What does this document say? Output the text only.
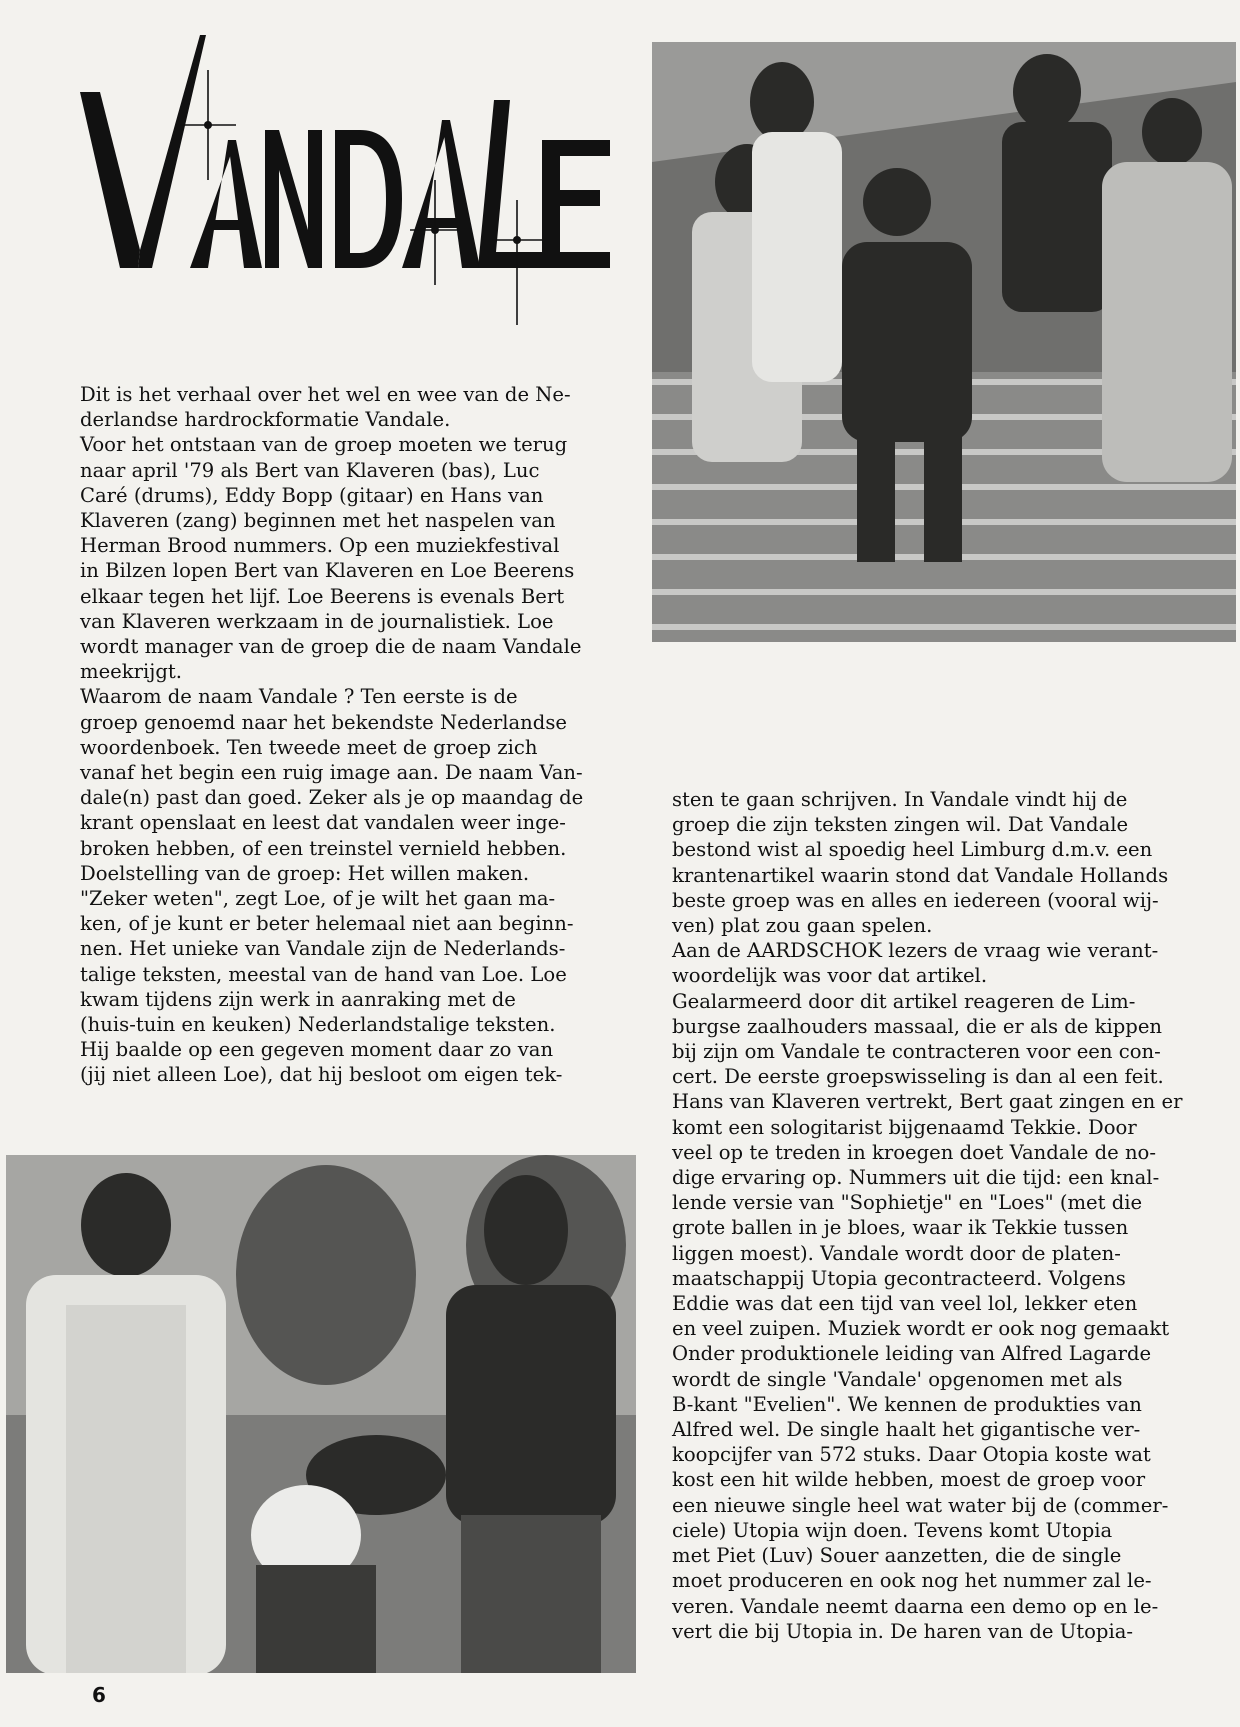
Dit is het verhaal over het wel en wee van de Ne-

derlandse hardrockformatie Vandale.

Voor het ontstaan van de groep moeten we terug

naar april '79 als Bert van Klaveren (bas), Luc

Caré (drums), Eddy Bopp (gitaar) en Hans van

Klaveren (zang) beginnen met het naspelen van

Herman Brood nummers. Op een muziekfestival

in Bilzen lopen Bert van Klaveren en Loe Beerens

elkaar tegen het lijf. Loe Beerens is evenals Bert

van Klaveren werkzaam in de journalistiek. Loe

wordt manager van de groep die de naam Vandale

meekrijgt.

Waarom de naam Vandale ? Ten eerste is de

groep genoemd naar het bekendste Nederlandse

woordenboek. Ten tweede meet de groep zich

vanaf het begin een ruig image aan. De naam Van-

dale(n) past dan goed. Zeker als je op maandag de

krant openslaat en leest dat vandalen weer inge-

broken hebben, of een treinstel vernield hebben.

Doelstelling van de groep: Het willen maken.

"Zeker weten", zegt Loe, of je wilt het gaan ma-

ken, of je kunt er beter helemaal niet aan beginn-

nen. Het unieke van Vandale zijn de Nederlands-

talige teksten, meestal van de hand van Loe. Loe

kwam tijdens zijn werk in aanraking met de

(huis-tuin en keuken) Nederlandstalige teksten.

Hij baalde op een gegeven moment daar zo van

(jij niet alleen Loe), dat hij besloot om eigen tek-

sten te gaan schrijven. In Vandale vindt hij de

groep die zijn teksten zingen wil. Dat Vandale

bestond wist al spoedig heel Limburg d.m.v. een

krantenartikel waarin stond dat Vandale Hollands

beste groep was en alles en iedereen (vooral wij-

ven) plat zou gaan spelen.

Aan de AARDSCHOK lezers de vraag wie verant-

woordelijk was voor dat artikel.

Gealarmeerd door dit artikel reageren de Lim-

burgse zaalhouders massaal, die er als de kippen

bij zijn om Vandale te contracteren voor een con-

cert. De eerste groepswisseling is dan al een feit.

Hans van Klaveren vertrekt, Bert gaat zingen en er

komt een sologitarist bijgenaamd Tekkie. Door

veel op te treden in kroegen doet Vandale de no-

dige ervaring op. Nummers uit die tijd: een knal-

lende versie van "Sophietje" en "Loes" (met die

grote ballen in je bloes, waar ik Tekkie tussen

liggen moest). Vandale wordt door de platen-

maatschappij Utopia gecontracteerd. Volgens

Eddie was dat een tijd van veel lol, lekker eten

en veel zuipen. Muziek wordt er ook nog gemaakt

Onder produktionele leiding van Alfred Lagarde

wordt de single 'Vandale' opgenomen met als

B-kant "Evelien". We kennen de produkties van

Alfred wel. De single haalt het gigantische ver-

koopcijfer van 572 stuks. Daar Otopia koste wat

kost een hit wilde hebben, moest de groep voor

een nieuwe single heel wat water bij de (commer-

ciele) Utopia wijn doen. Tevens komt Utopia

met Piet (Luv) Souer aanzetten, die de single

moet produceren en ook nog het nummer zal le-

veren. Vandale neemt daarna een demo op en le-

vert die bij Utopia in. De haren van de Utopia-

6
